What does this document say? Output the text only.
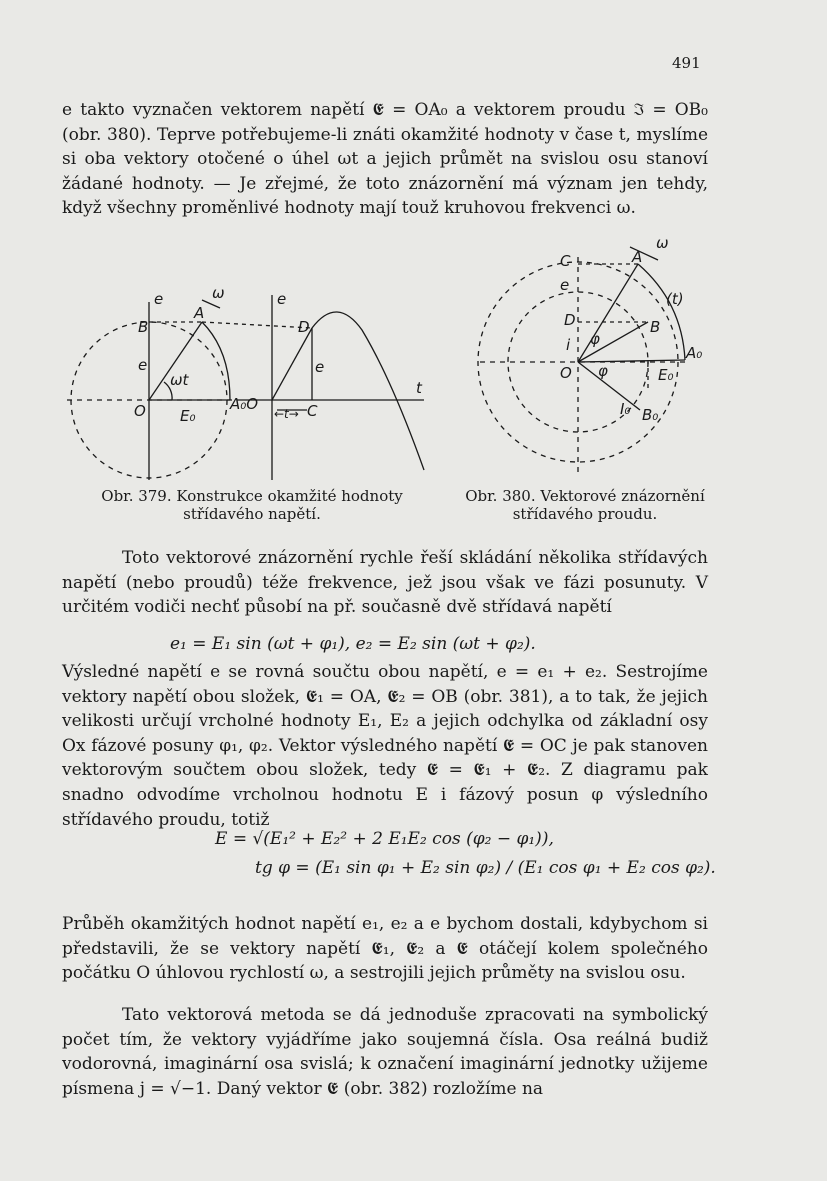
491

e takto vyznačen vektorem napětí 𝕰 = OA₀ a vektorem proudu ℑ = OB₀ (obr. 380). Teprve potřebujeme-li znáti okamžité hodnoty v čase t, myslíme si oba vektory otočené o úhel ωt a jejich průmět na svislou osu stanoví žádané hodnoty. — Je zřejmé, že toto znázornění má význam jen tehdy, když všechny proměnlivé hodnoty mají touž kruhovou frekvenci ω.

e	ω	e
B
A
D
e	e
ωt	t
O E₀
A₀O	C
←t→
Obr. 379. Konstrukce okamžité hodnoty střídavého napětí.
ω
C	A
e
(t)
D
i φ
B
A₀
O φ	E₀
I₀ B₀
Obr. 380. Vektorové znázornění střídavého proudu.

Toto vektorové znázornění rychle řeší skládání několika střídavých napětí (nebo proudů) téže frekvence, jež jsou však ve fázi posunuty. V určitém vodiči nechť působí na př. současně dvě střídavá napětí

e₁ = E₁ sin (ωt + φ₁), e₂ = E₂ sin (ωt + φ₂).

Výsledné napětí e se rovná součtu obou napětí, e = e₁ + e₂. Sestrojíme vektory napětí obou složek, 𝕰₁ = OA, 𝕰₂ = OB (obr. 381), a to tak, že jejich velikosti určují vrcholné hodnoty E₁, E₂ a jejich odchylka od základní osy Ox fázové posuny φ₁, φ₂. Vektor výsledného napětí 𝕰 = OC je pak stanoven vektorovým součtem obou složek, tedy 𝕰 = 𝕰₁ + 𝕰₂. Z diagramu pak snadno odvodíme vrcholnou hodnotu E i fázový posun φ výsledního střídavého proudu, totiž

E = √(E₁² + E₂² + 2 E₁E₂ cos (φ₂ − φ₁)),
tg φ = (E₁ sin φ₁ + E₂ sin φ₂) / (E₁ cos φ₁ + E₂ cos φ₂).

Průběh okamžitých hodnot napětí e₁, e₂ a e bychom dostali, kdybychom si představili, že se vektory napětí 𝕰₁, 𝕰₂ a 𝕰 otáčejí kolem společného počátku O úhlovou rychlostí ω, a sestrojili jejich průměty na svislou osu.

Tato vektorová metoda se dá jednoduše zpracovati na symbolický počet tím, že vektory vyjádříme jako soujemná čísla. Osa reálná budiž vodorovná, imaginární osa svislá; k označení imaginární jednotky užijeme písmena j = √−1. Daný vektor 𝕰 (obr. 382) rozložíme na
